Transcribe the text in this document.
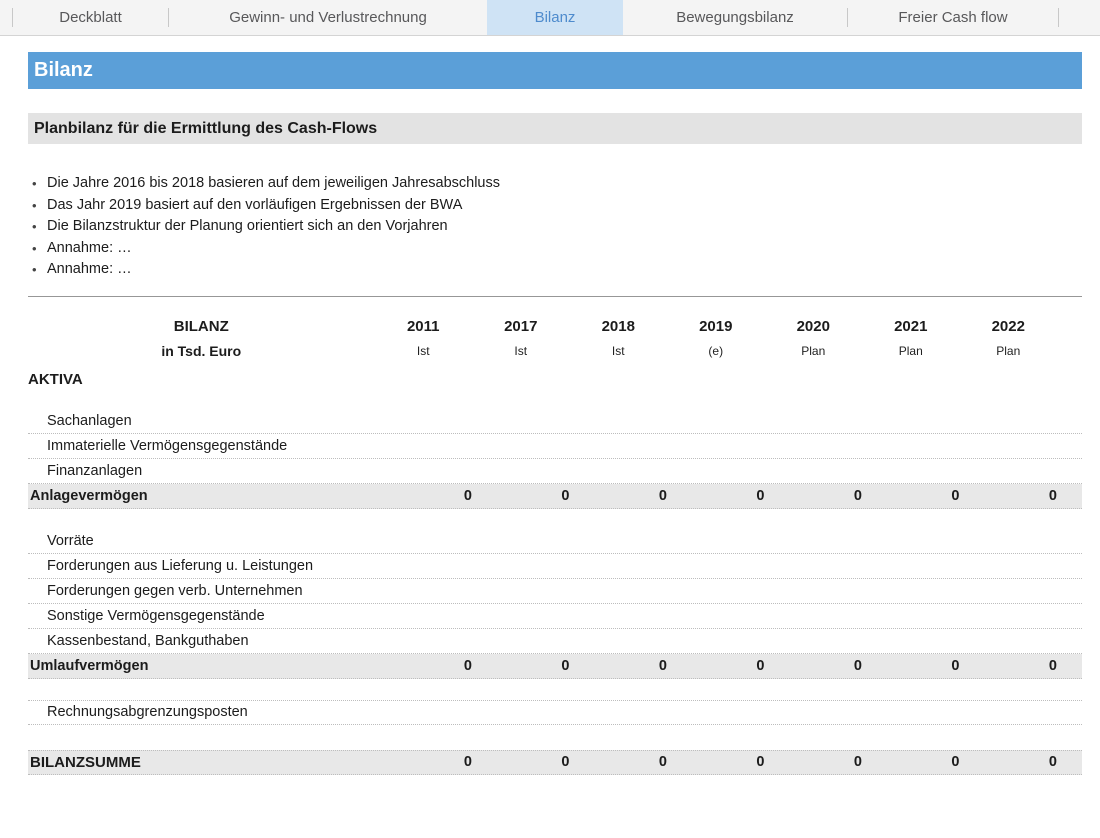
Deckblatt	Gewinn- und Verlustrechnung	Bilanz	Bewegungsbilanz	Freier Cash flow
Bilanz
Planbilanz für die Ermittlung des Cash-Flows
• Die Jahre 2016 bis 2018 basieren auf dem jeweiligen Jahresabschluss
• Das Jahr 2019 basiert auf den vorläufigen Ergebnissen der BWA
• Die Bilanzstruktur der Planung orientiert sich an den Vorjahren
• Annahme: …
• Annahme: …
BILANZ	2011	2017	2018	2019	2020	2021	2022
in Tsd. Euro	Ist	Ist	Ist	(e)	Plan	Plan	Plan
AKTIVA
Sachanlagen
Immaterielle Vermögensgegenstände
Finanzanlagen
Anlagevermögen	0	0	0	0	0	0	0
Vorräte
Forderungen aus Lieferung u. Leistungen
Forderungen gegen verb. Unternehmen
Sonstige Vermögensgegenstände
Kassenbestand, Bankguthaben
Umlaufvermögen	0	0	0	0	0	0	0
Rechnungsabgrenzungsposten
BILANZSUMME	0	0	0	0	0	0	0
